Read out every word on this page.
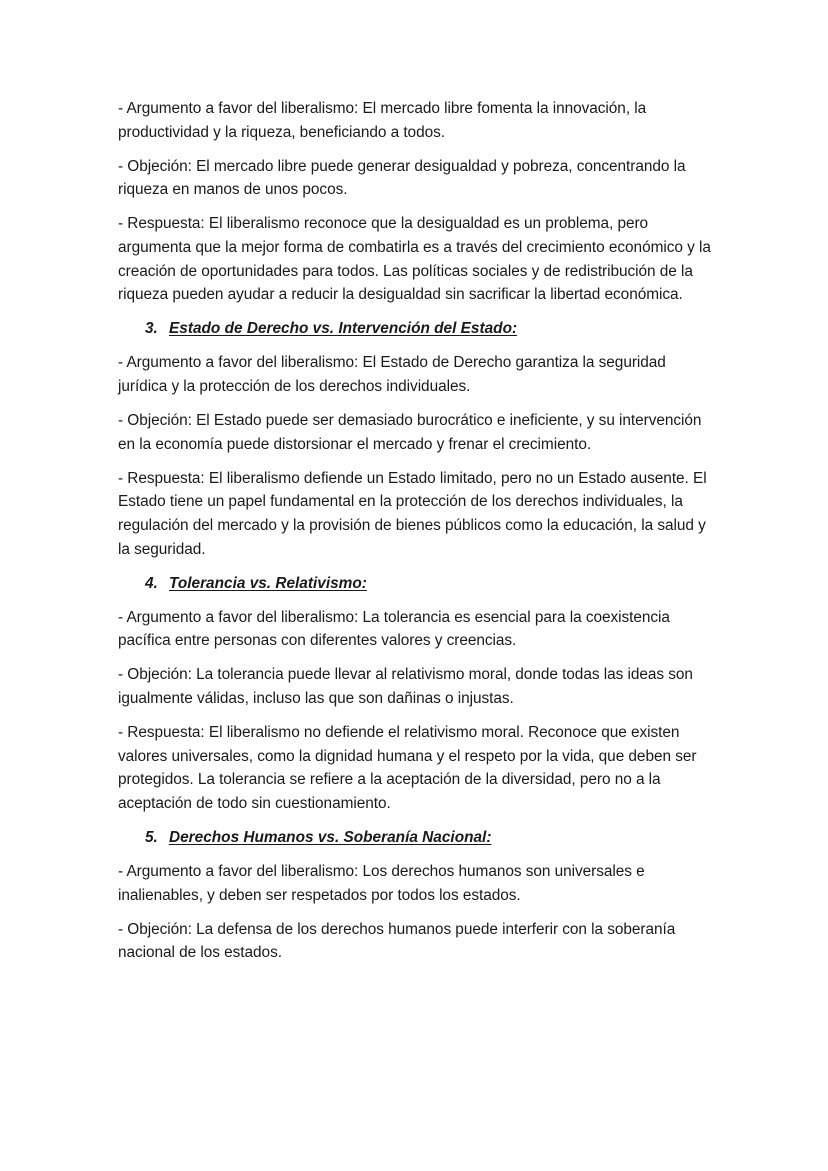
- Argumento a favor del liberalismo: El mercado libre fomenta la innovación, la productividad y la riqueza, beneficiando a todos.

- Objeción: El mercado libre puede generar desigualdad y pobreza, concentrando la riqueza en manos de unos pocos.

- Respuesta: El liberalismo reconoce que la desigualdad es un problema, pero argumenta que la mejor forma de combatirla es a través del crecimiento económico y la creación de oportunidades para todos. Las políticas sociales y de redistribución de la riqueza pueden ayudar a reducir la desigualdad sin sacrificar la libertad económica.

3. Estado de Derecho vs. Intervención del Estado:

- Argumento a favor del liberalismo: El Estado de Derecho garantiza la seguridad jurídica y la protección de los derechos individuales.

- Objeción: El Estado puede ser demasiado burocrático e ineficiente, y su intervención en la economía puede distorsionar el mercado y frenar el crecimiento.

- Respuesta: El liberalismo defiende un Estado limitado, pero no un Estado ausente. El Estado tiene un papel fundamental en la protección de los derechos individuales, la regulación del mercado y la provisión de bienes públicos como la educación, la salud y la seguridad.

4. Tolerancia vs. Relativismo:

- Argumento a favor del liberalismo: La tolerancia es esencial para la coexistencia pacífica entre personas con diferentes valores y creencias.

- Objeción: La tolerancia puede llevar al relativismo moral, donde todas las ideas son igualmente válidas, incluso las que son dañinas o injustas.

- Respuesta: El liberalismo no defiende el relativismo moral. Reconoce que existen valores universales, como la dignidad humana y el respeto por la vida, que deben ser protegidos. La tolerancia se refiere a la aceptación de la diversidad, pero no a la aceptación de todo sin cuestionamiento.

5. Derechos Humanos vs. Soberanía Nacional:

- Argumento a favor del liberalismo: Los derechos humanos son universales e inalienables, y deben ser respetados por todos los estados.

- Objeción: La defensa de los derechos humanos puede interferir con la soberanía nacional de los estados.
